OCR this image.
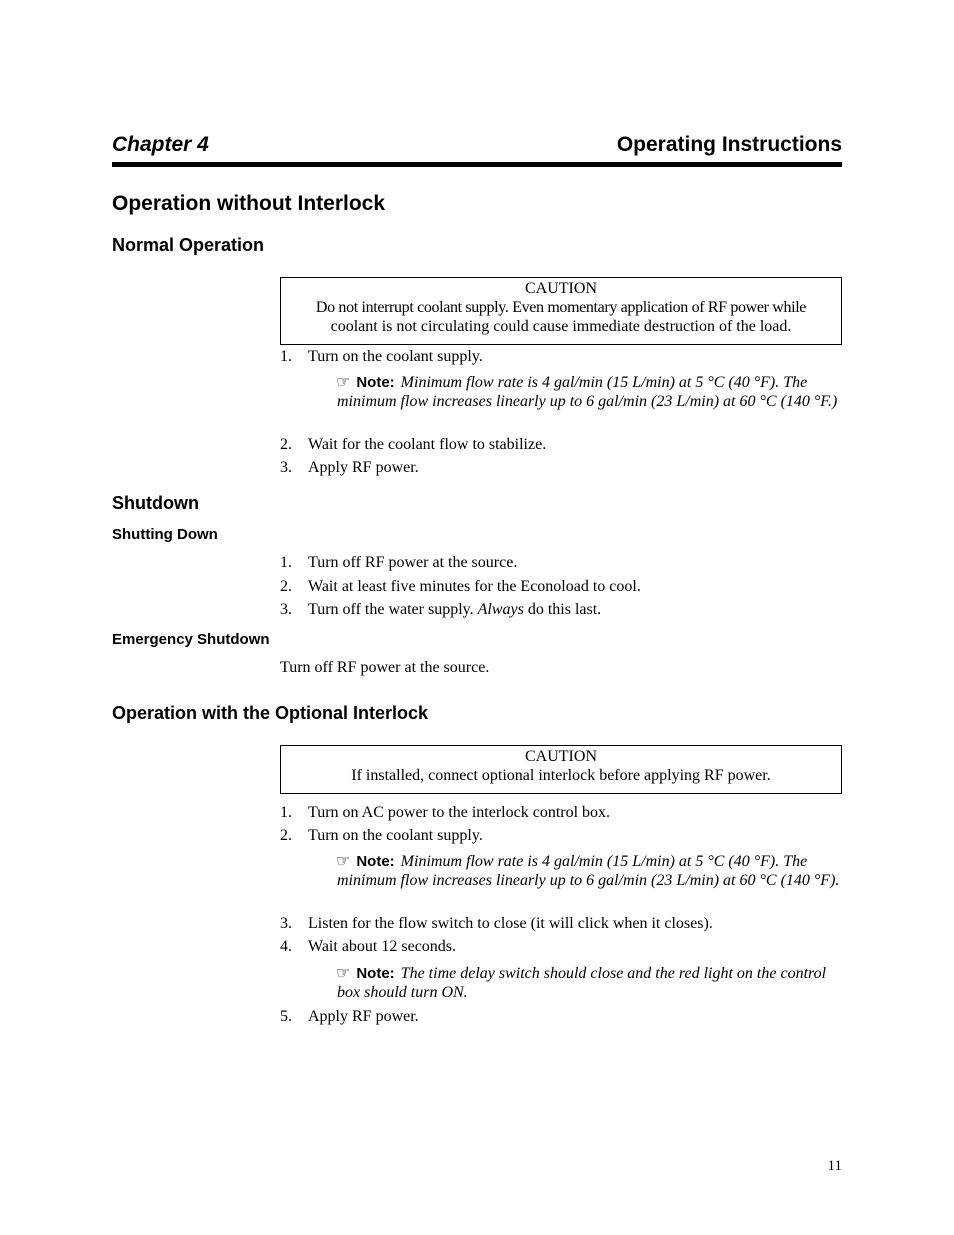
Chapter 4	Operating Instructions
Operation without Interlock
Normal Operation
CAUTION
Do not interrupt coolant supply. Even momentary application of RF power while
coolant is not circulating could cause immediate destruction of the load.
1. Turn on the coolant supply.
☞ Note: Minimum flow rate is 4 gal/min (15 L/min) at 5 °C (40 °F). The minimum flow increases linearly up to 6 gal/min (23 L/min) at 60 °C (140 °F.)
2. Wait for the coolant flow to stabilize.
3. Apply RF power.
Shutdown
Shutting Down
1. Turn off RF power at the source.
2. Wait at least five minutes for the Econoload to cool.
3. Turn off the water supply. Always do this last.
Emergency Shutdown
Turn off RF power at the source.
Operation with the Optional Interlock
CAUTION
If installed, connect optional interlock before applying RF power.
1. Turn on AC power to the interlock control box.
2. Turn on the coolant supply.
☞ Note: Minimum flow rate is 4 gal/min (15 L/min) at 5 °C (40 °F). The minimum flow increases linearly up to 6 gal/min (23 L/min) at 60 °C (140 °F).
3. Listen for the flow switch to close (it will click when it closes).
4. Wait about 12 seconds.
☞ Note: The time delay switch should close and the red light on the control box should turn ON.
5. Apply RF power.
11
